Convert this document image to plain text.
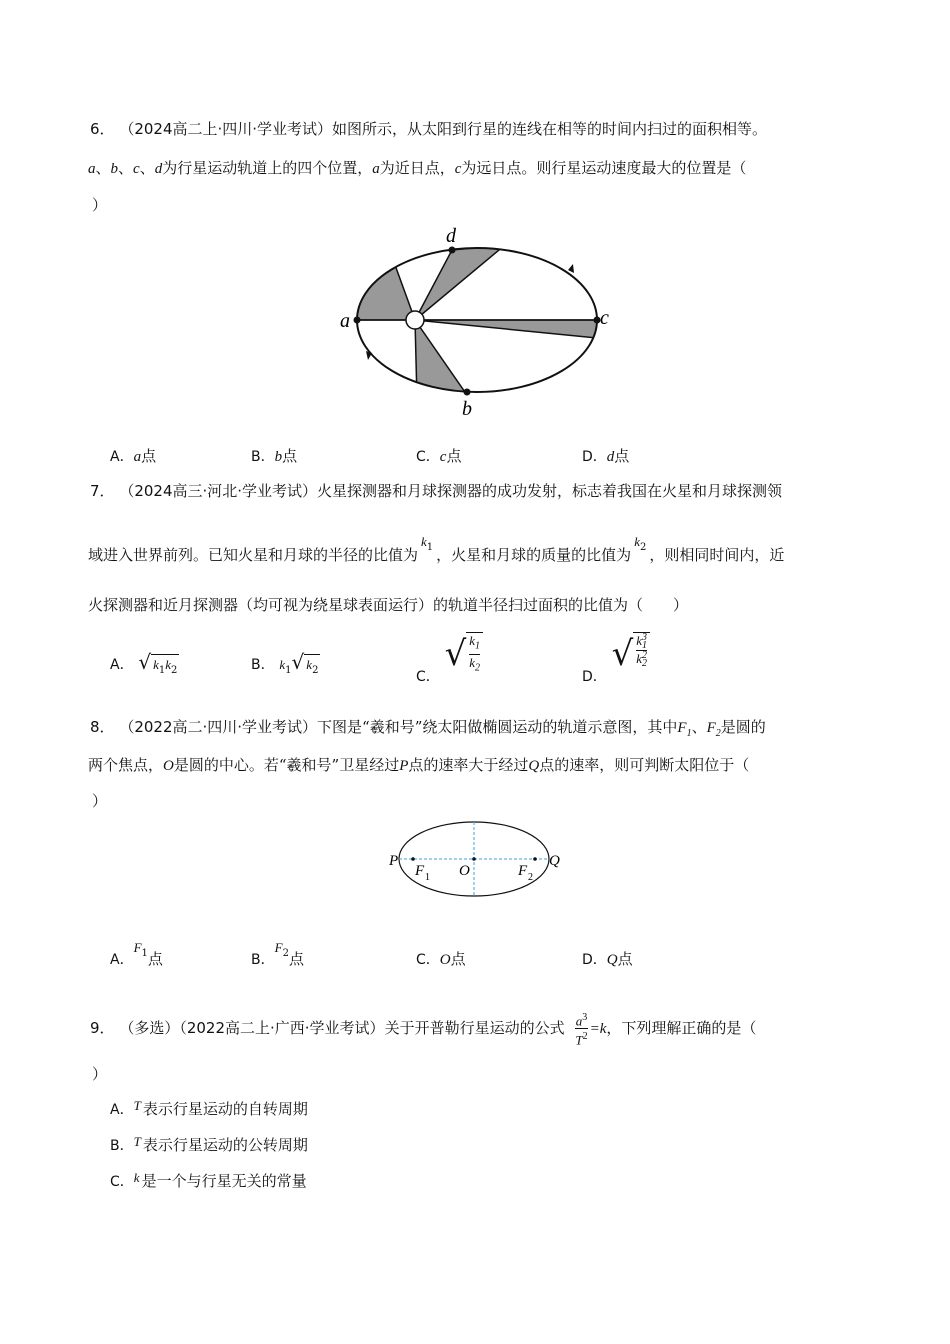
6． （2024高二上·四川·学业考试）如图所示，从太阳到行星的连线在相等的时间内扫过的面积相等。
a、b、c、d为行星运动轨道上的四个位置，a为近日点，c为远日点。则行星运动速度最大的位置是（
）
a
b
c
d
A．a点	B．b点	C．c点	D．d点
7． （2024高三·河北·学业考试）火星探测器和月球探测器的成功发射，标志着我国在火星和月球探测领
域进入世界前列。已知火星和月球的半径的比值为$k_1$ ，火星和月球的质量的比值为$k_2$ ，则相同时间内，近
火探测器和近月探测器（均可视为绕星球表面运行）的轨道半径扫过面积的比值为（　　）
A． √ $k_1k_2$	B． $k_1√$ $k_2$	C． √ $\frac{k_1}{k_2}$
D． √ k 3
1
k 2
2
8． （2022高二·四川·学业考试）下图是“羲和号”绕太阳做椭圆运动的轨道示意图，其中$F_1$、$F_2$是圆的
两个焦点，O是圆的中心。若“羲和号”卫星经过P点的速率大于经过Q点的速率，则可判断太阳位于（
）
P	Q
O
F 1	F 2
A．$F_1$点	B．$F_2$点	C．O点	D．Q点
9． （多选）（2022高二上·广西·学业考试）关于开普勒行星运动的公式 $\frac{a^3}{T^2} =k$，下列理解正确的是（
）
A．T 表示行星运动的自转周期
B．T 表示行星运动的公转周期
C．k 是一个与行星无关的常量
